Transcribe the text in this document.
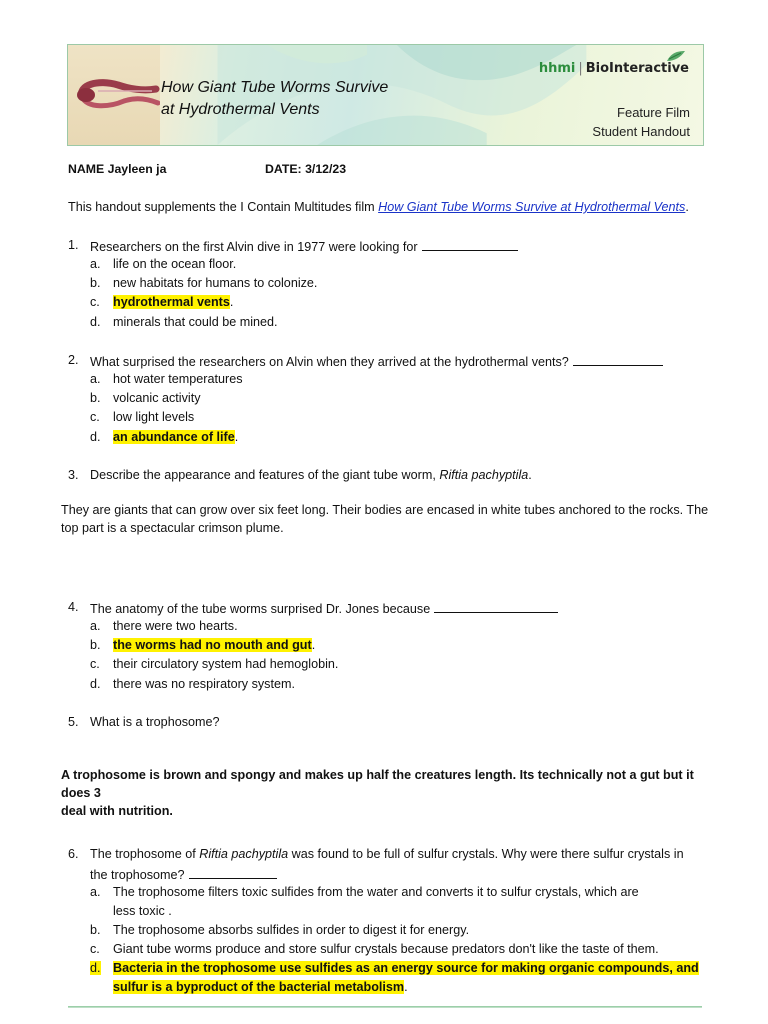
How Giant Tube Worms Survive
at Hydrothermal Vents
hhmi | BioInteractive
Feature Film
Student Handout
NAME Jayleen ja	DATE: 3/12/23
This handout supplements the I Contain Multitudes film How Giant Tube Worms Survive at Hydrothermal Vents.
1. Researchers on the first Alvin dive in 1977 were looking for
a. life on the ocean floor.
b. new habitats for humans to colonize.
c. hydrothermal vents.
d. minerals that could be mined.
2. What surprised the researchers on Alvin when they arrived at the hydrothermal vents?
a. hot water temperatures
b. volcanic activity
c. low light levels
d. an abundance of life.
3. Describe the appearance and features of the giant tube worm, Riftia pachyptila.
They are giants that can grow over six feet long. Their bodies are encased in white tubes anchored to the rocks. The
top part is a spectacular crimson plume.
4. The anatomy of the tube worms surprised Dr. Jones because
a. there were two hearts.
b. the worms had no mouth and gut.
c. their circulatory system had hemoglobin.
d. there was no respiratory system.
5. What is a trophosome?
A trophosome is brown and spongy and makes up half the creatures length. Its technically not a gut but it does 3
deal with nutrition.
6. The trophosome of Riftia pachyptila was found to be full of sulfur crystals. Why were there sulfur crystals in
the trophosome?
a. The trophosome filters toxic sulfides from the water and converts it to sulfur crystals, which are
less toxic .
b. The trophosome absorbs sulfides in order to digest it for energy.
c. Giant tube worms produce and store sulfur crystals because predators don't like the taste of them.
d. Bacteria in the trophosome use sulfides as an energy source for making organic compounds, and
sulfur is a byproduct of the bacterial metabolism.
